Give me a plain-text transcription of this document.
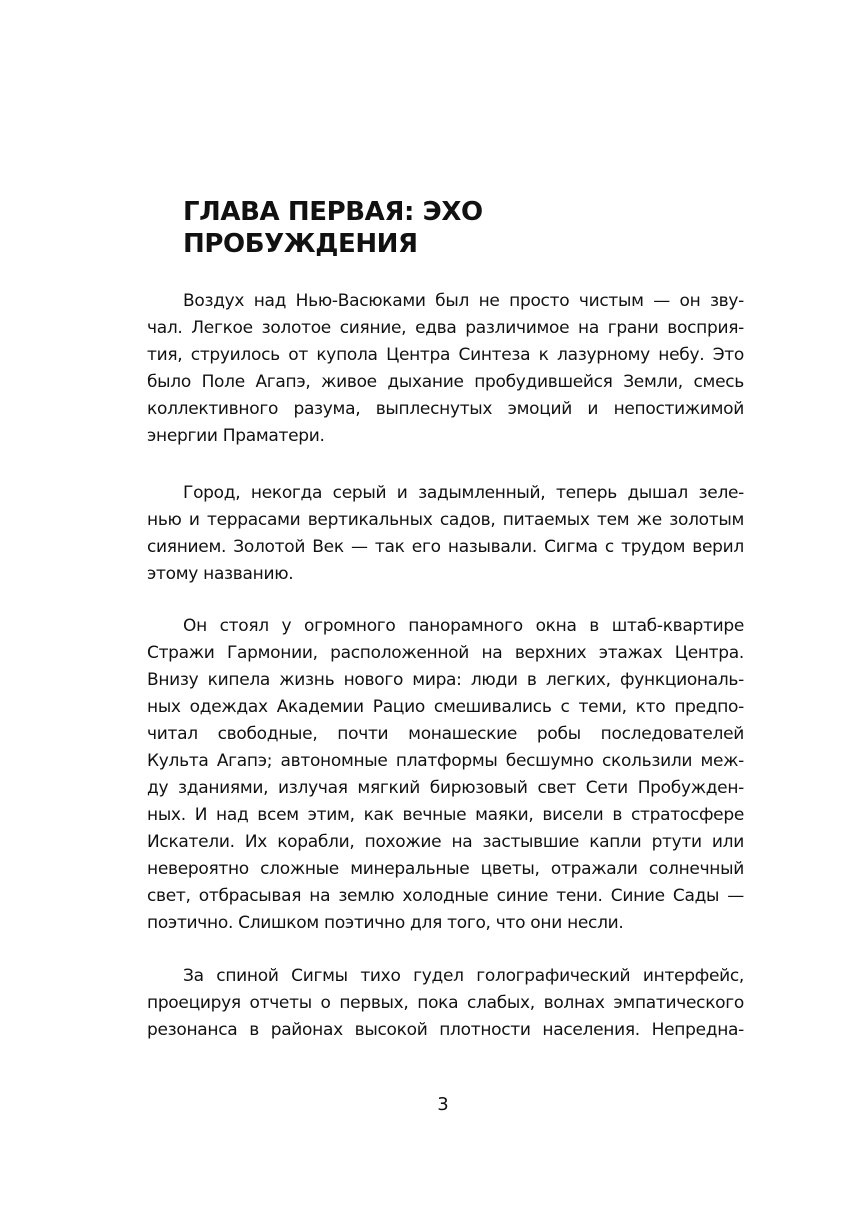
ГЛАВА ПЕРВАЯ: ЭХО
ПРОБУЖДЕНИЯ
Воздух над Нью-Васюками был не просто чистым — он зву-
чал. Легкое золотое сияние, едва различимое на грани восприя-
тия, струилось от купола Центра Синтеза к лазурному небу. Это
было Поле Агапэ, живое дыхание пробудившейся Земли, смесь
коллективного разума, выплеснутых эмоций и непостижимой
энергии Праматери.
Город, некогда серый и задымленный, теперь дышал зеле-
нью и террасами вертикальных садов, питаемых тем же золотым
сиянием. Золотой Век — так его называли. Сигма с трудом верил
этому названию.
Он стоял у огромного панорамного окна в штаб-квартире
Стражи Гармонии, расположенной на верхних этажах Центра.
Внизу кипела жизнь нового мира: люди в легких, функциональ-
ных одеждах Академии Рацио смешивались с теми, кто предпо-
читал свободные, почти монашеские робы последователей
Культа Агапэ; автономные платформы бесшумно скользили меж-
ду зданиями, излучая мягкий бирюзовый свет Сети Пробужден-
ных. И над всем этим, как вечные маяки, висели в стратосфере
Искатели. Их корабли, похожие на застывшие капли ртути или
невероятно сложные минеральные цветы, отражали солнечный
свет, отбрасывая на землю холодные синие тени. Синие Сады —
поэтично. Слишком поэтично для того, что они несли.
За спиной Сигмы тихо гудел голографический интерфейс,
проецируя отчеты о первых, пока слабых, волнах эмпатического
резонанса в районах высокой плотности населения. Непредна-
3
